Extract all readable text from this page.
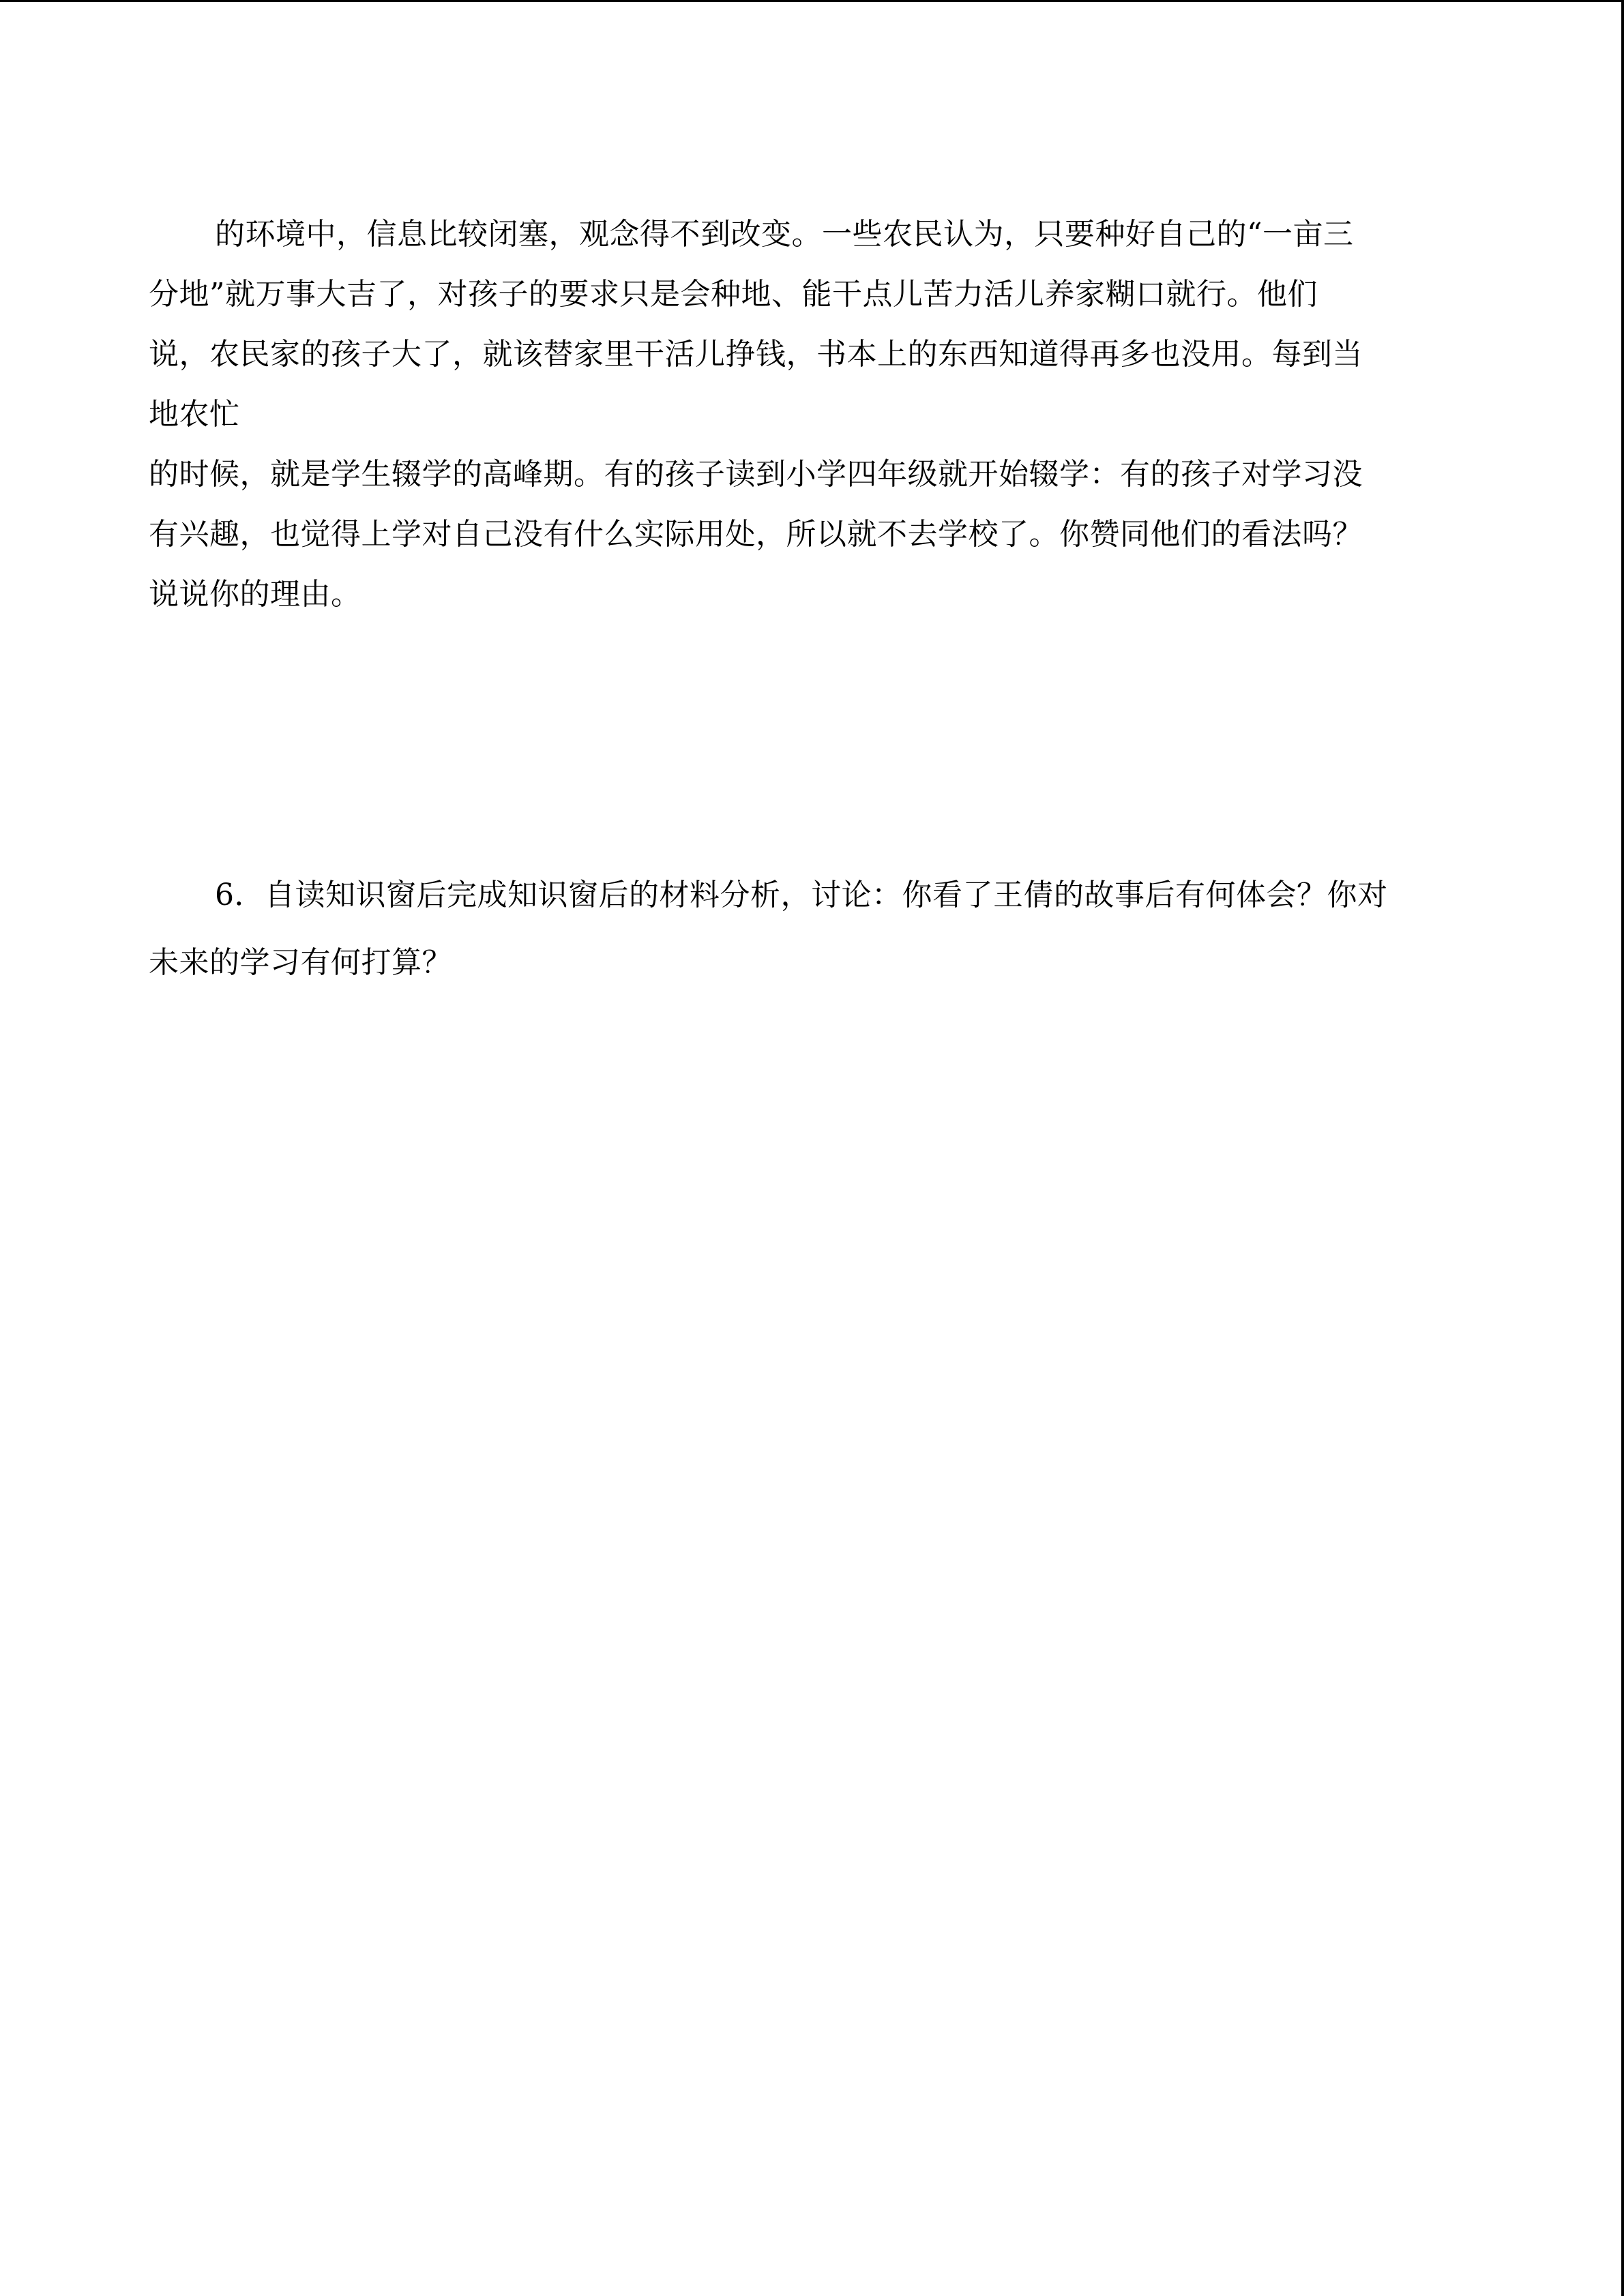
的环境中，信息比较闭塞，观念得不到改变。一些农民认为，只要种好自己的“一亩三
分地”就万事大吉了，对孩子的要求只是会种地、能干点儿苦力活儿养家糊口就行。他们
说，农民家的孩子大了，就该替家里干活儿挣钱，书本上的东西知道得再多也没用。每到当
地农忙
的时候，就是学生辍学的高峰期。有的孩子读到小学四年级就开始辍学：有的孩子对学习没
有兴趣，也觉得上学对自己没有什么实际用处，所以就不去学校了。你赞同他们的看法吗？
说说你的理由。
6．自读知识窗后完成知识窗后的材料分析，讨论：你看了王倩的故事后有何体会？你对
未来的学习有何打算？
